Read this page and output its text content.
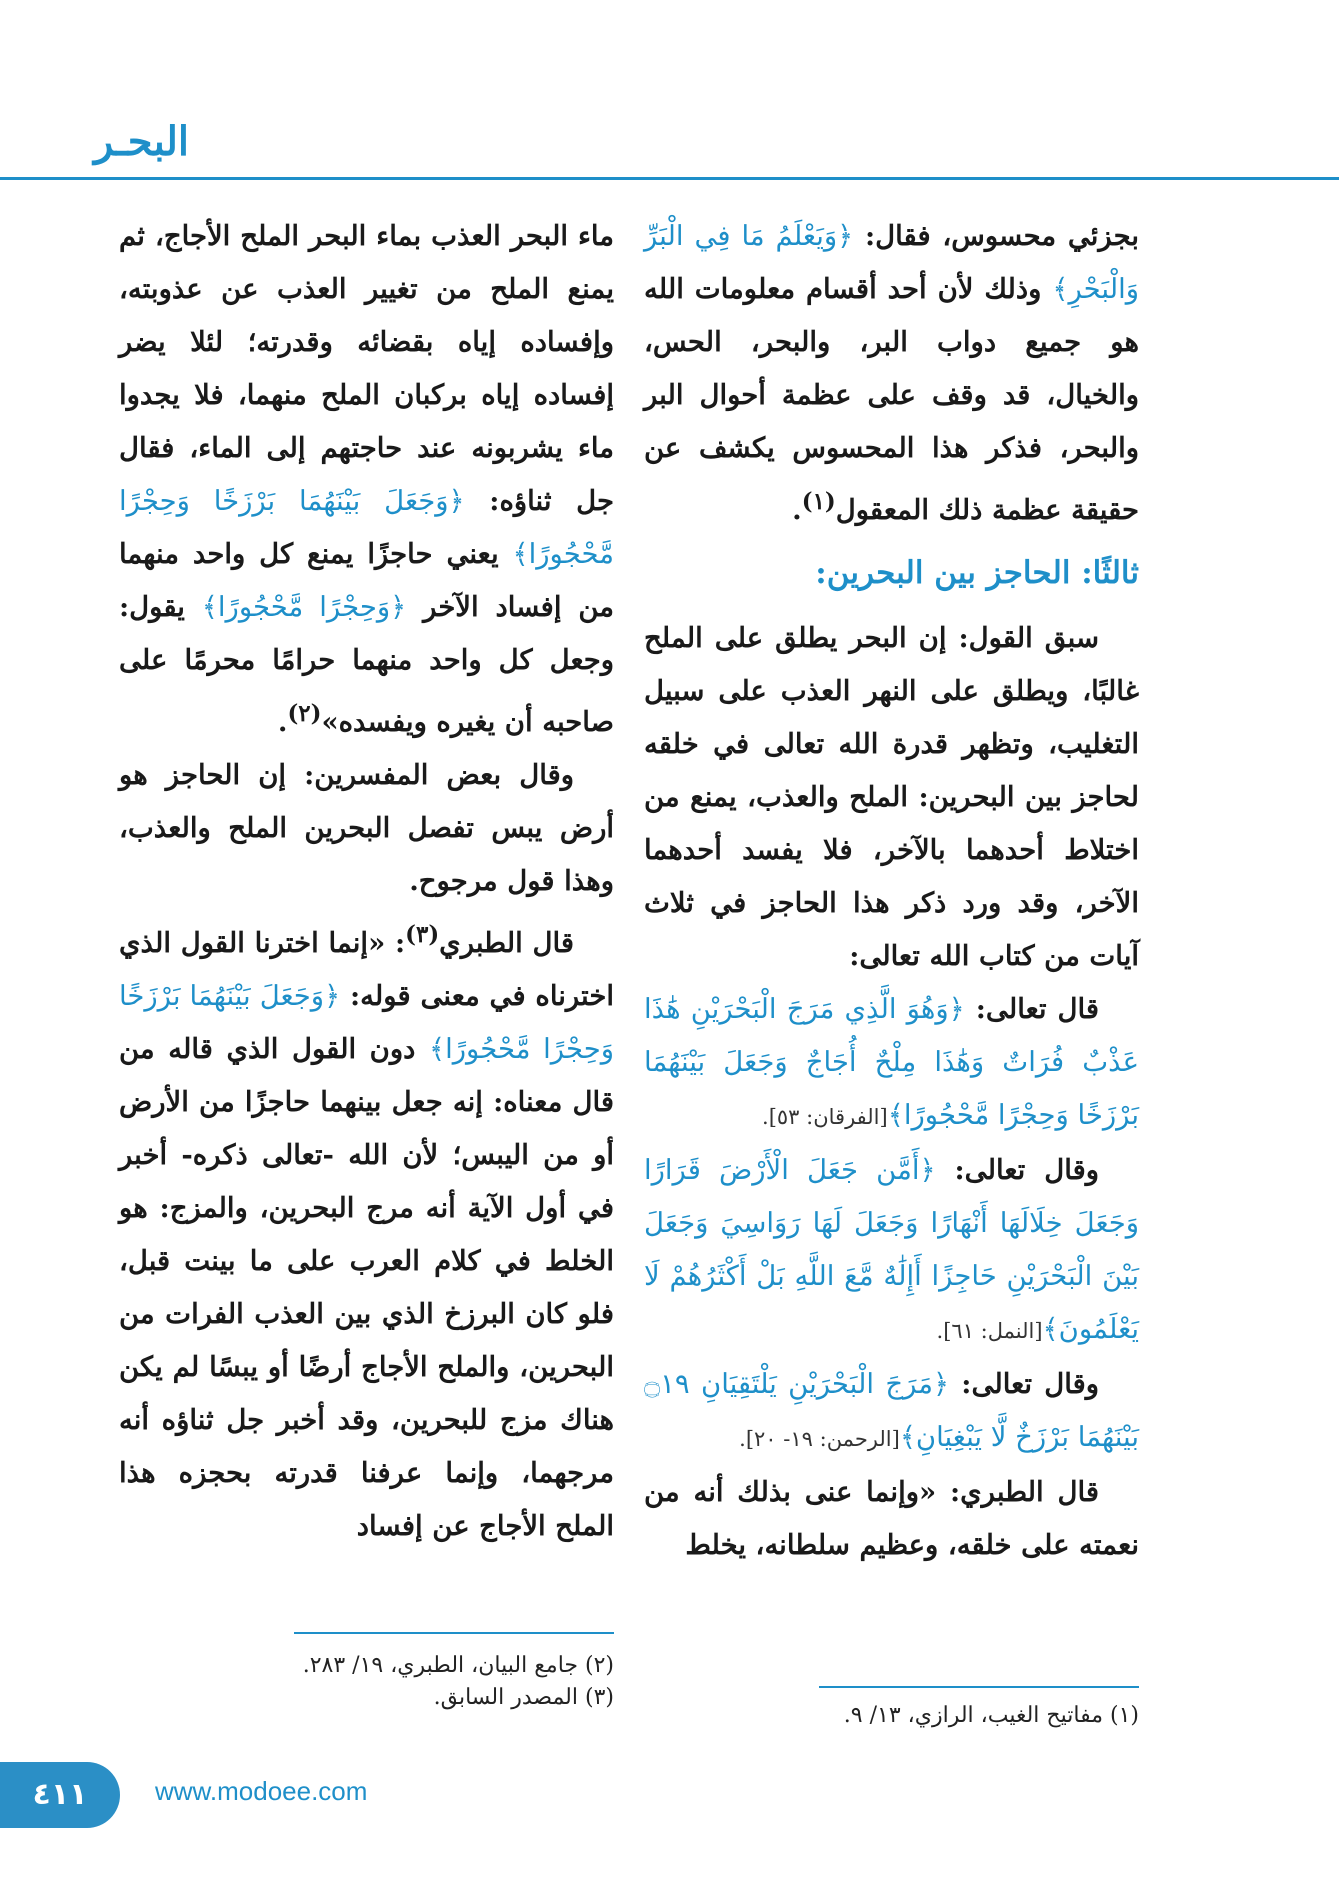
البحـر

بجزئي محسوس، فقال: ﴿وَيَعْلَمُ مَا فِي الْبَرِّ وَالْبَحْرِ﴾ وذلك لأن أحد أقسام معلومات الله هو جميع دواب البر، والبحر، الحس، والخيال، قد وقف على عظمة أحوال البر والبحر، فذكر هذا المحسوس يكشف عن حقيقة عظمة ذلك المعقول$^{(١)}$.

ثالثًا: الحاجز بين البحرين:

سبق القول: إن البحر يطلق على الملح غالبًا، ويطلق على النهر العذب على سبيل التغليب، وتظهر قدرة الله تعالى في خلقه لحاجز بين البحرين: الملح والعذب، يمنع من اختلاط أحدهما بالآخر، فلا يفسد أحدهما الآخر، وقد ورد ذكر هذا الحاجز في ثلاث آيات من كتاب الله تعالى:

قال تعالى: ﴿وَهُوَ الَّذِي مَرَجَ الْبَحْرَيْنِ هَٰذَا عَذْبٌ فُرَاتٌ وَهَٰذَا مِلْحٌ أُجَاجٌ وَجَعَلَ بَيْنَهُمَا بَرْزَخًا وَحِجْرًا مَّحْجُورًا﴾[الفرقان: ٥٣].

وقال تعالى: ﴿أَمَّن جَعَلَ الْأَرْضَ قَرَارًا وَجَعَلَ خِلَالَهَا أَنْهَارًا وَجَعَلَ لَهَا رَوَاسِيَ وَجَعَلَ بَيْنَ الْبَحْرَيْنِ حَاجِزًا أَإِلَٰهٌ مَّعَ اللَّهِ بَلْ أَكْثَرُهُمْ لَا يَعْلَمُونَ﴾[النمل: ٦١].

وقال تعالى: ﴿مَرَجَ الْبَحْرَيْنِ يَلْتَقِيَانِ ۝١٩ بَيْنَهُمَا بَرْزَخٌ لَّا يَبْغِيَانِ﴾[الرحمن: ١٩- ٢٠].

قال الطبري: «وإنما عنى بذلك أنه من نعمته على خلقه، وعظيم سلطانه، يخلط

ماء البحر العذب بماء البحر الملح الأجاج، ثم يمنع الملح من تغيير العذب عن عذوبته، وإفساده إياه بقضائه وقدرته؛ لئلا يضر إفساده إياه بركبان الملح منهما، فلا يجدوا ماء يشربونه عند حاجتهم إلى الماء، فقال جل ثناؤه: ﴿وَجَعَلَ بَيْنَهُمَا بَرْزَخًا وَحِجْرًا مَّحْجُورًا﴾ يعني حاجزًا يمنع كل واحد منهما من إفساد الآخر ﴿وَحِجْرًا مَّحْجُورًا﴾ يقول: وجعل كل واحد منهما حرامًا محرمًا على صاحبه أن يغيره ويفسده»$^{(٢)}$.

وقال بعض المفسرين: إن الحاجز هو أرض يبس تفصل البحرين الملح والعذب، وهذا قول مرجوح.

قال الطبري$^{(٣)}$: «إنما اخترنا القول الذي اخترناه في معنى قوله: ﴿وَجَعَلَ بَيْنَهُمَا بَرْزَخًا وَحِجْرًا مَّحْجُورًا﴾ دون القول الذي قاله من قال معناه: إنه جعل بينهما حاجزًا من الأرض أو من اليبس؛ لأن الله -تعالى ذكره- أخبر في أول الآية أنه مرج البحرين، والمزج: هو الخلط في كلام العرب على ما بينت قبل، فلو كان البرزخ الذي بين العذب الفرات من البحرين، والملح الأجاج أرضًا أو يبسًا لم يكن هناك مزج للبحرين، وقد أخبر جل ثناؤه أنه مرجهما، وإنما عرفنا قدرته بحجزه هذا الملح الأجاج عن إفساد

(١) مفاتيح الغيب، الرازي، ١٣/ ٩.
(٢) جامع البيان، الطبري، ١٩/ ٢٨٣.
(٣) المصدر السابق.
٤١١	www.modoee.com
